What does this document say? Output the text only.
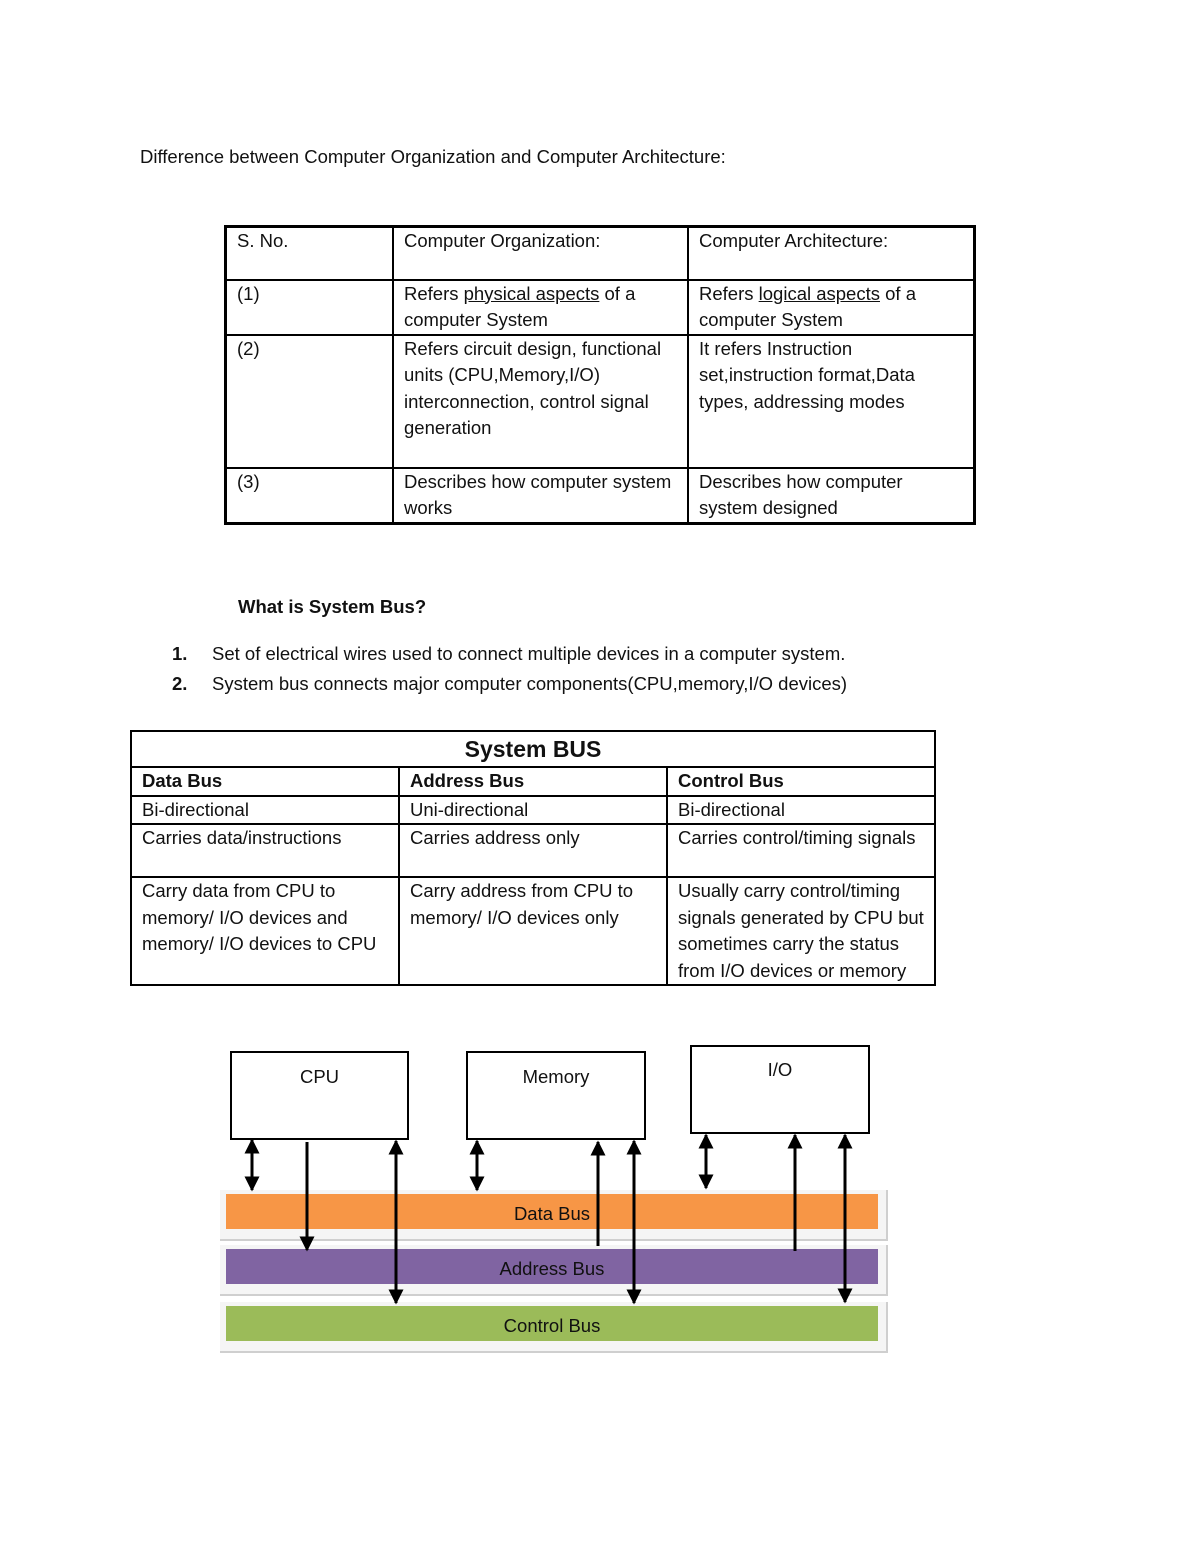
Difference between Computer Organization and Computer Architecture:
S. No.	Computer Organization:	Computer Architecture:
(1)	Refers physical aspects of a computer System	Refers logical aspects of a computer System
(2)	Refers circuit design, functional units (CPU,Memory,I/O) interconnection, control signal generation	It refers Instruction set,instruction format,Data types, addressing modes
(3)	Describes how computer system works	Describes how computer system designed
What is System Bus?
1. Set of electrical wires used to connect multiple devices in a computer system.
2. System bus connects major computer components(CPU,memory,I/O devices)
System BUS		
Data Bus	Address Bus	Control Bus
Bi-directional	Uni-directional	Bi-directional
Carries data/instructions	Carries address only	Carries control/timing signals
Carry data from CPU to memory/ I/O devices and memory/ I/O devices to CPU	Carry address from CPU to memory/ I/O devices only	Usually carry control/timing signals generated by CPU but sometimes carry the status from I/O devices or memory
Data Bus
Address Bus
Control Bus
CPU	Memory	I/O
